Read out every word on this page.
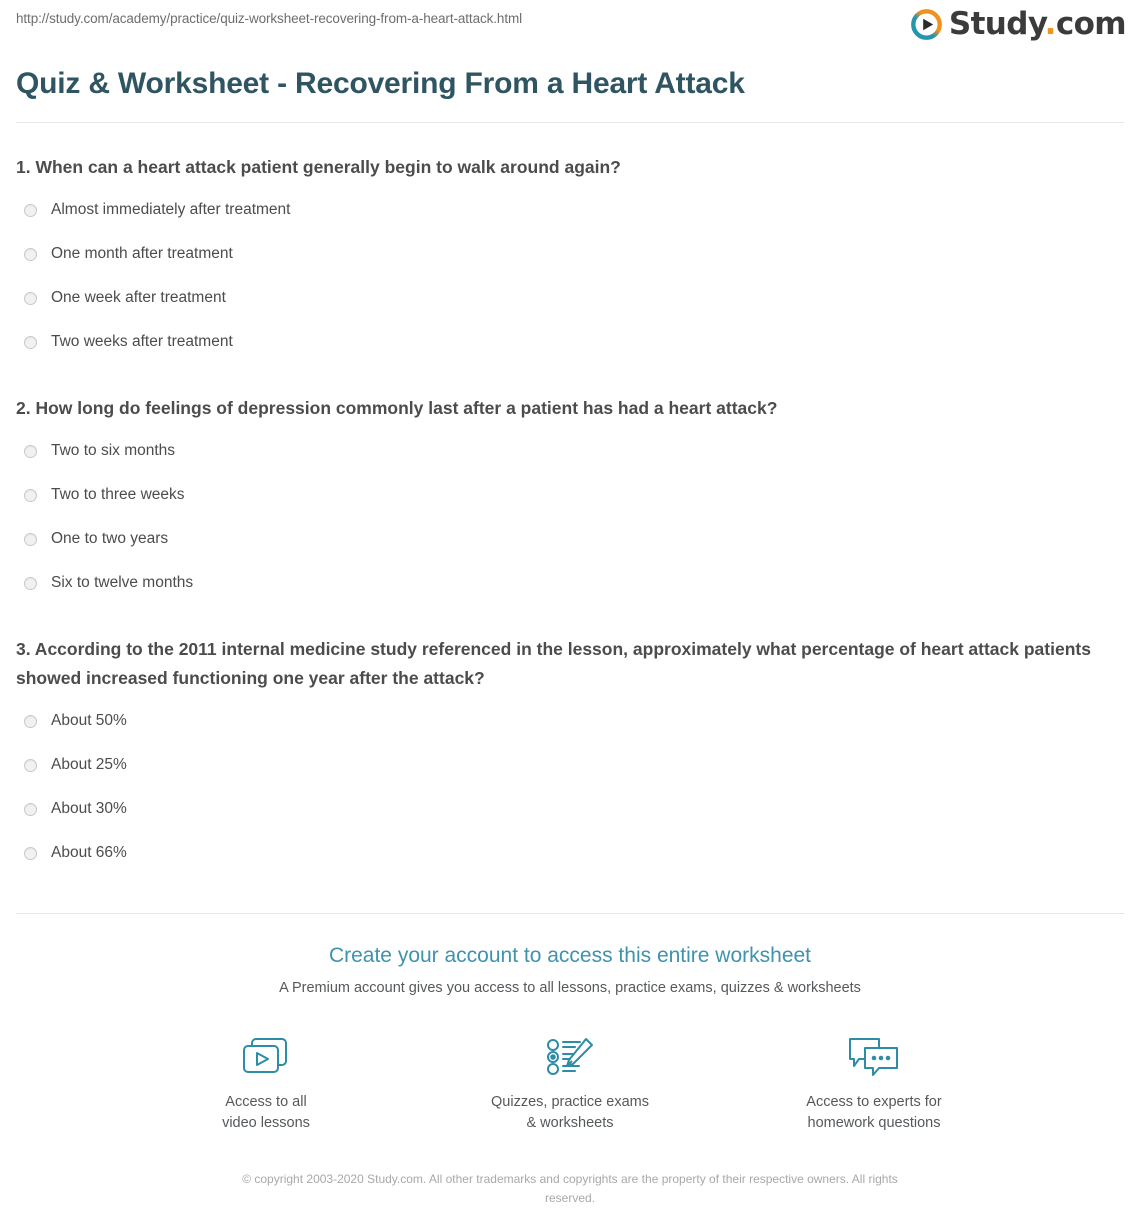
http://study.com/academy/practice/quiz-worksheet-recovering-from-a-heart-attack.html	Study.com
Quiz & Worksheet - Recovering From a Heart Attack

1. When can a heart attack patient generally begin to walk around again?

Almost immediately after treatment
One month after treatment
One week after treatment
Two weeks after treatment

2. How long do feelings of depression commonly last after a patient has had a heart attack?

Two to six months
Two to three weeks
One to two years
Six to twelve months

3. According to the 2011 internal medicine study referenced in the lesson, approximately what percentage of heart attack patients showed increased functioning one year after the attack?

About 50%
About 25%
About 30%
About 66%

Create your account to access this entire worksheet

A Premium account gives you access to all lessons, practice exams, quizzes & worksheets

Access to all
video lessons
Quizzes, practice exams
& worksheets
Access to experts for
homework questions
© copyright 2003-2020 Study.com. All other trademarks and copyrights are the property of their respective owners. All rights reserved.
